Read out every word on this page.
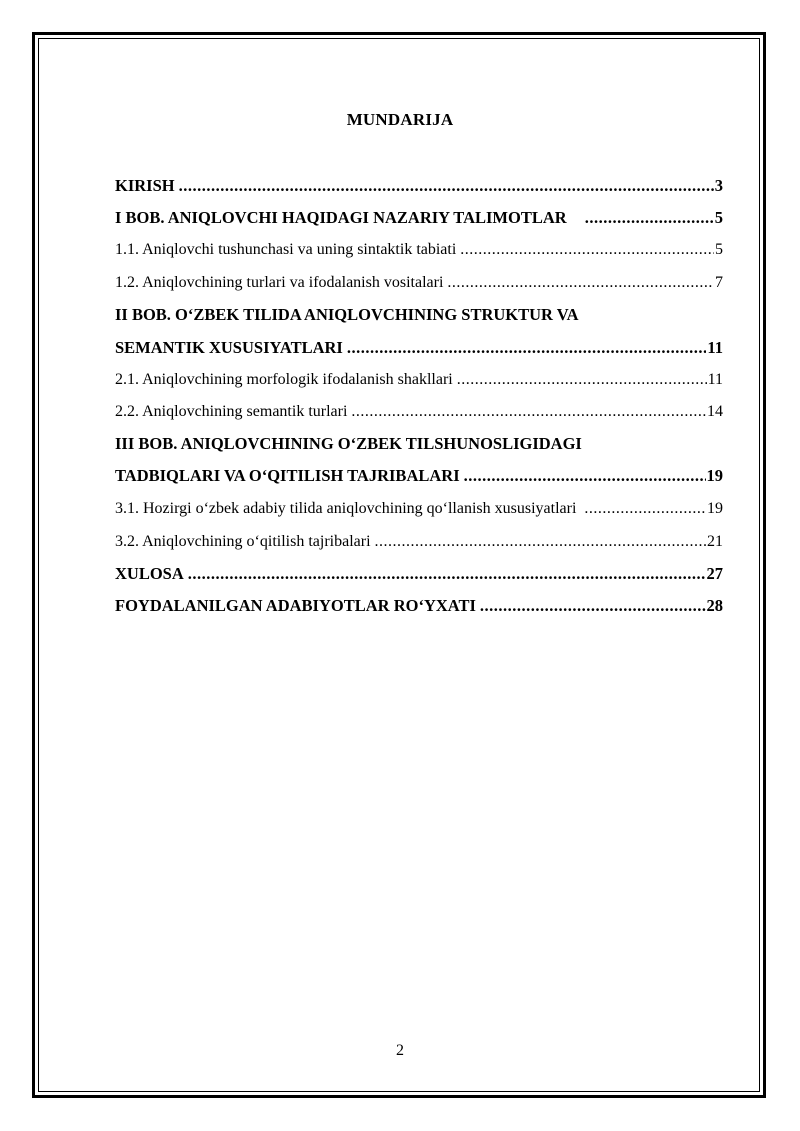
MUNDARIJA
KIRISH .....	3
I BOB. ANIQLOVCHI HAQIDAGI NAZARIY TALIMOTLAR .....	5
1.1. Aniqlovchi tushunchasi va uning sintaktik tabiati .....	5
1.2. Aniqlovchining turlari va ifodalanish vositalari .....	7
II BOB. O‘ZBEK TILIDA ANIQLOVCHINING STRUKTUR VA
SEMANTIK XUSUSIYATLARI .....	11
2.1. Aniqlovchining morfologik ifodalanish shakllari .....	11
2.2. Aniqlovchining semantik turlari .....	14
III BOB. ANIQLOVCHINING O‘ZBEK TILSHUNOSLIGIDAGI
TADBIQLARI VA O‘QITILISH TAJRIBALARI .....	19
3.1. Hozirgi o‘zbek adabiy tilida aniqlovchining qo‘llanish xususiyatlari .....	19
3.2. Aniqlovchining o‘qitilish tajribalari .....	21
XULOSA .....	27
FOYDALANILGAN ADABIYOTLAR RO‘YXATI .....	28
2
